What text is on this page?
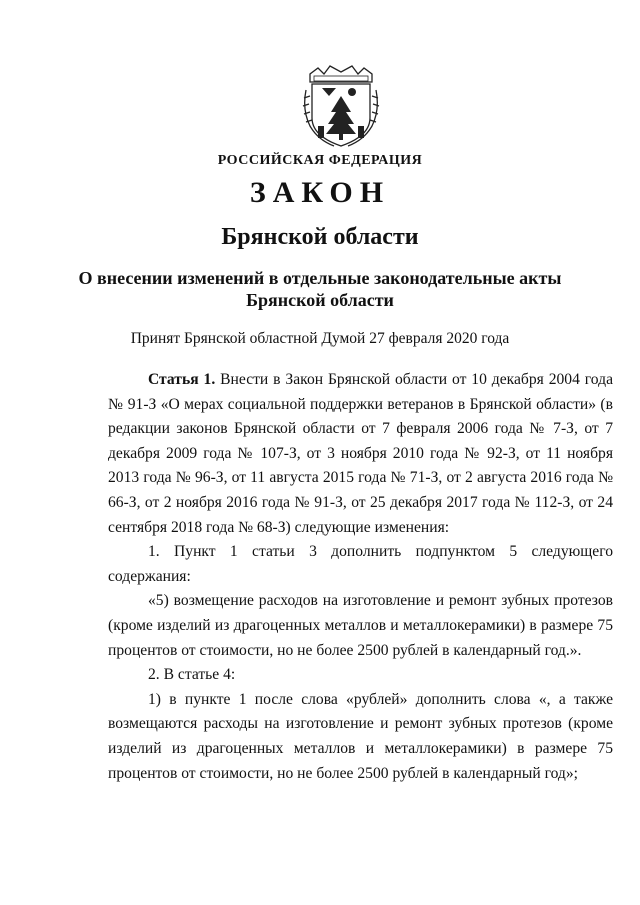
РОССИЙСКАЯ ФЕДЕРАЦИЯ
ЗАКОН
Брянской области
О внесении изменений в отдельные законодательные акты
Брянской области
Принят Брянской областной Думой 27 февраля 2020 года

Статья 1. Внести в Закон Брянской области от 10 декабря 2004 года № 91-З «О мерах социальной поддержки ветеранов в Брянской области» (в редакции законов Брянской области от 7 февраля 2006 года № 7-З, от 7 декабря 2009 года № 107-З, от 3 ноября 2010 года № 92-З, от 11 ноября 2013 года № 96-З, от 11 августа 2015 года № 71-З, от 2 августа 2016 года № 66-З, от 2 ноября 2016 года № 91-З, от 25 декабря 2017 года № 112-З, от 24 сентября 2018 года № 68-З) следующие изменения:

1. Пункт 1 статьи 3 дополнить подпунктом 5 следующего содержания:

«5) возмещение расходов на изготовление и ремонт зубных протезов (кроме изделий из драгоценных металлов и металлокерамики) в размере 75 процентов от стоимости, но не более 2500 рублей в календарный год.».

2. В статье 4:

1) в пункте 1 после слова «рублей» дополнить слова «, а также возмещаются расходы на изготовление и ремонт зубных протезов (кроме изделий из драгоценных металлов и металлокерамики) в размере 75 процентов от стоимости, но не более 2500 рублей в календарный год»;
